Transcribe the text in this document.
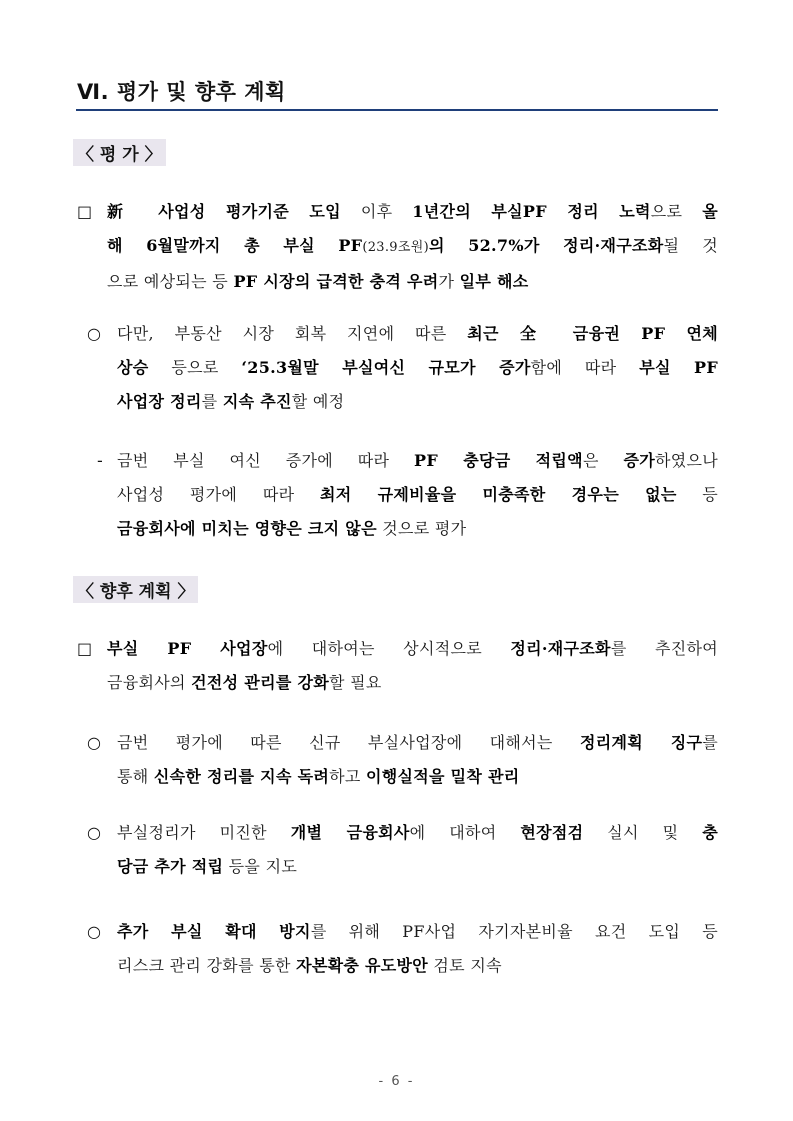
Ⅵ. 평가 및 향후 계획
〈 평 가 〉
□ 新 사업성 평가기준 도입 이후 1년간의 부실PF 정리 노력으로 올
해 6월말까지 총 부실 PF(23.9조원)의 52.7%가 정리·재구조화될 것
으로 예상되는 등 PF 시장의 급격한 충격 우려가 일부 해소
○ 다만, 부동산 시장 회복 지연에 따른 최근 全 금융권 PF 연체
상승 등으로 ‘25.3월말 부실여신 규모가 증가함에 따라 부실 PF
사업장 정리를 지속 추진할 예정
- 금번 부실 여신 증가에 따라 PF 충당금 적립액은 증가하였으나
사업성 평가에 따라 최저 규제비율을 미충족한 경우는 없는 등
금융회사에 미치는 영향은 크지 않은 것으로 평가
〈 향후 계획 〉
□ 부실 PF 사업장에 대하여는 상시적으로 정리·재구조화를 추진하여
금융회사의 건전성 관리를 강화할 필요
○ 금번 평가에 따른 신규 부실사업장에 대해서는 정리계획 징구를
통해 신속한 정리를 지속 독려하고 이행실적을 밀착 관리
○ 부실정리가 미진한 개별 금융회사에 대하여 현장점검 실시 및 충
당금 추가 적립 등을 지도
○ 추가 부실 확대 방지를 위해 PF사업 자기자본비율 요건 도입 등
리스크 관리 강화를 통한 자본확충 유도방안 검토 지속
- 6 -
